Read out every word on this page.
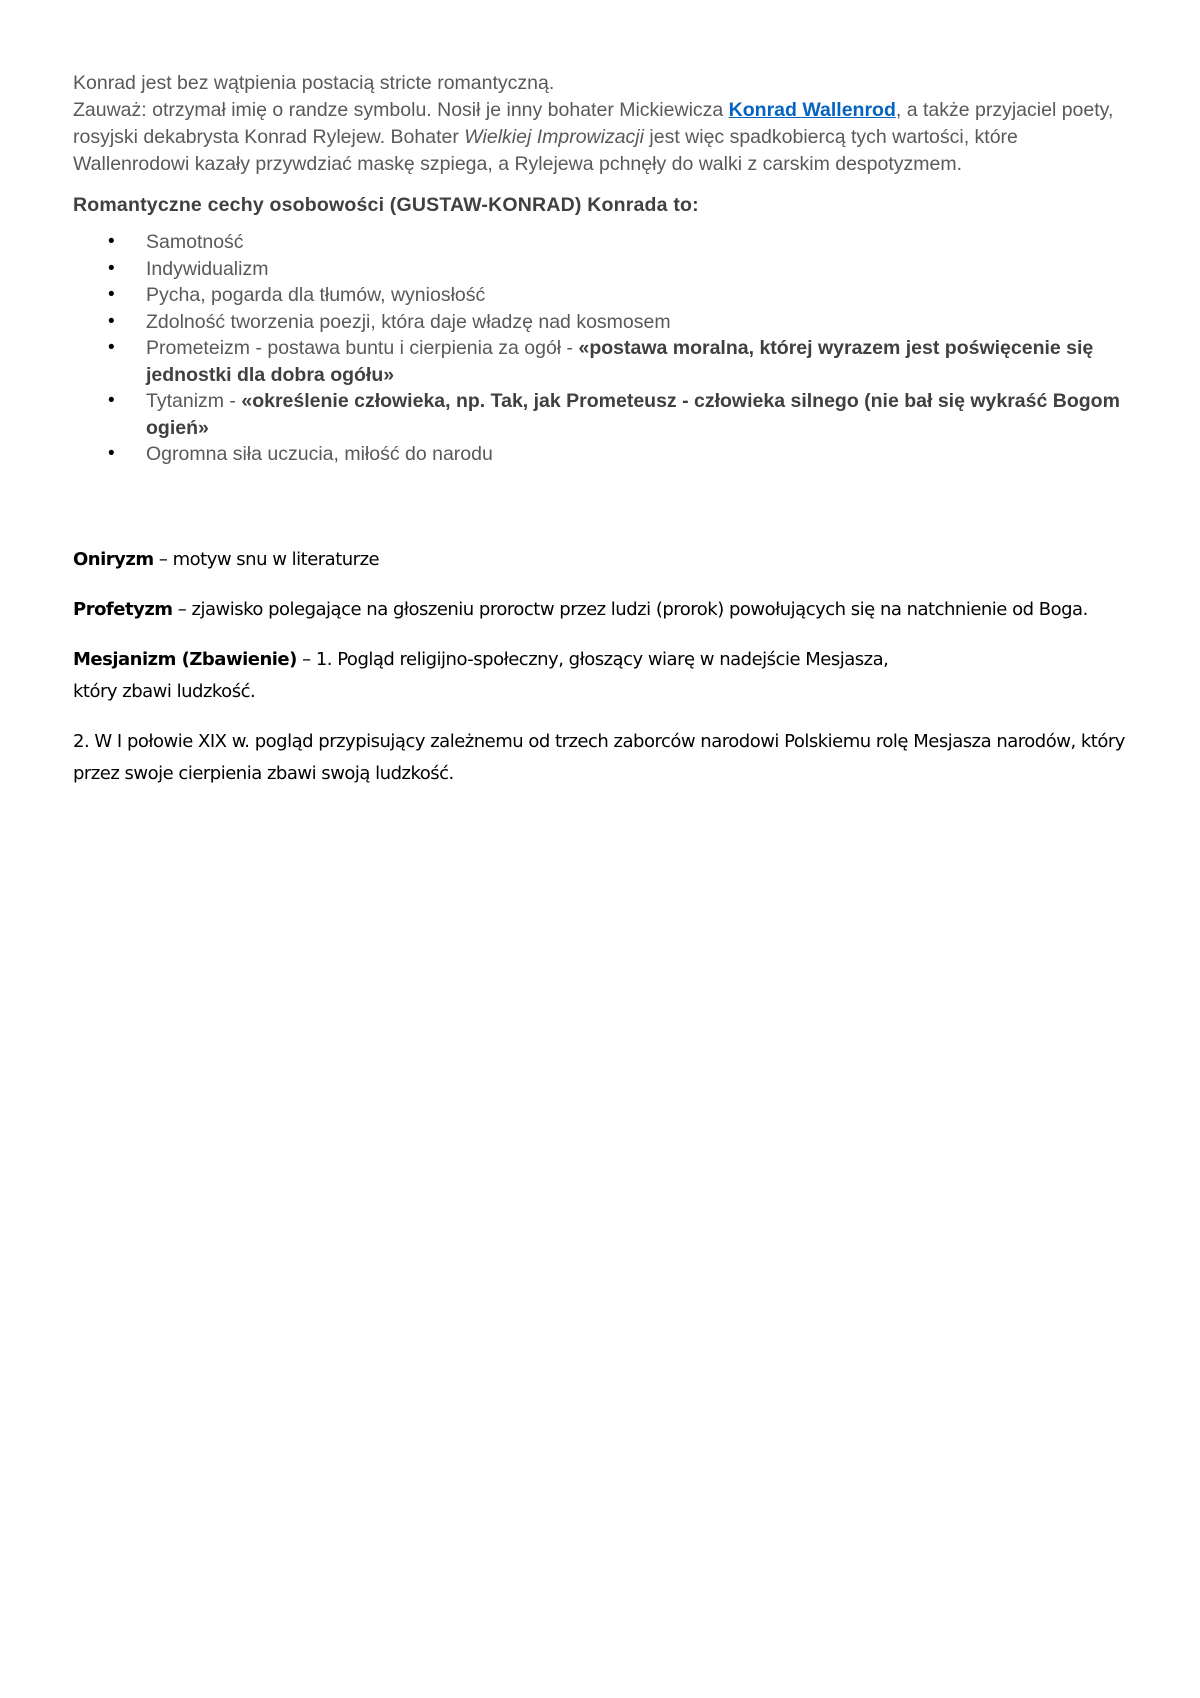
Konrad jest bez wątpienia postacią stricte romantyczną.

Zauważ: otrzymał imię o randze symbolu. Nosił je inny bohater Mickiewicza Konrad Wallenrod, a także przyjaciel poety, rosyjski dekabrysta Konrad Rylejew. Bohater Wielkiej Improwizacji jest więc spadkobiercą tych wartości, które Wallenrodowi kazały przywdziać maskę szpiega, a Rylejewa pchnęły do walki z carskim despotyzmem.

Romantyczne cechy osobowości (GUSTAW-KONRAD) Konrada to:
• Samotność
• Indywidualizm
• Pycha, pogarda dla tłumów, wyniosłość
• Zdolność tworzenia poezji, która daje władzę nad kosmosem
• Prometeizm - postawa buntu i cierpienia za ogół - «postawa moralna, której wyrazem jest poświęcenie się jednostki dla dobra ogółu»
• Tytanizm - «określenie człowieka, np. Tak, jak Prometeusz - człowieka silnego (nie bał się wykraść Bogom ogień»
• Ogromna siła uczucia, miłość do narodu

Oniryzm – motyw snu w literaturze

Profetyzm – zjawisko polegające na głoszeniu proroctw przez ludzi (prorok) powołujących się na natchnienie od Boga.

Mesjanizm (Zbawienie) – 1. Pogląd religijno-społeczny, głoszący wiarę w nadejście Mesjasza,
który zbawi ludzkość.

2. W I połowie XIX w. pogląd przypisujący zależnemu od trzech zaborców narodowi Polskiemu rolę Mesjasza narodów, który przez swoje cierpienia zbawi swoją ludzkość.
